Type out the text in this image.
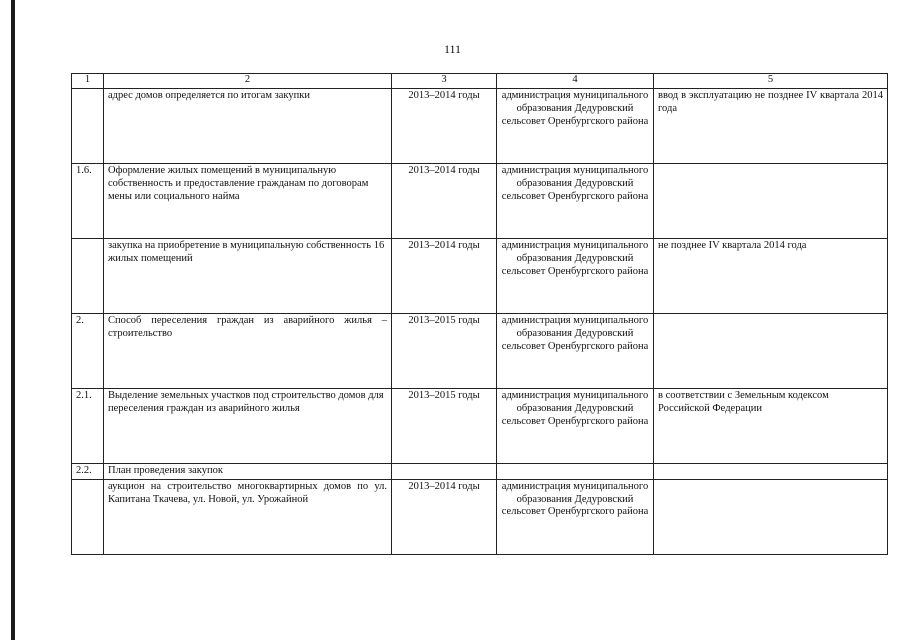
111
1	2	3	4	5
	адрес домов определяется по итогам закупки	2013–2014 годы	администрация муниципального образования Дедуровский сельсовет Оренбургского района	ввод в эксплуатацию не позднее IV квартала 2014 года
1.6.	Оформление жилых помещений в муниципальную собственность и предоставление гражданам по договорам мены или социального найма	2013–2014 годы	администрация муниципального образования Дедуровский сельсовет Оренбургского района	
	закупка на приобретение в муниципальную собственность 16 жилых помещений	2013–2014 годы	администрация муниципального образования Дедуровский сельсовет Оренбургского района	не позднее IV квартала 2014 года
2.	Способ переселения граждан из аварийного жилья – строительство	2013–2015 годы	администрация муниципального образования Дедуровский сельсовет Оренбургского района	
2.1.	Выделение земельных участков под строительство домов для переселения граждан из аварийного жилья	2013–2015 годы	администрация муниципального образования Дедуровский сельсовет Оренбургского района	в соответствии с Земельным кодексом Российской Федерации
2.2.	План проведения закупок			
	аукцион на строительство многоквартирных домов по ул. Капитана Ткачева, ул. Новой, ул. Урожайной	2013–2014 годы	администрация муниципального образования Дедуровский сельсовет Оренбургского района	
